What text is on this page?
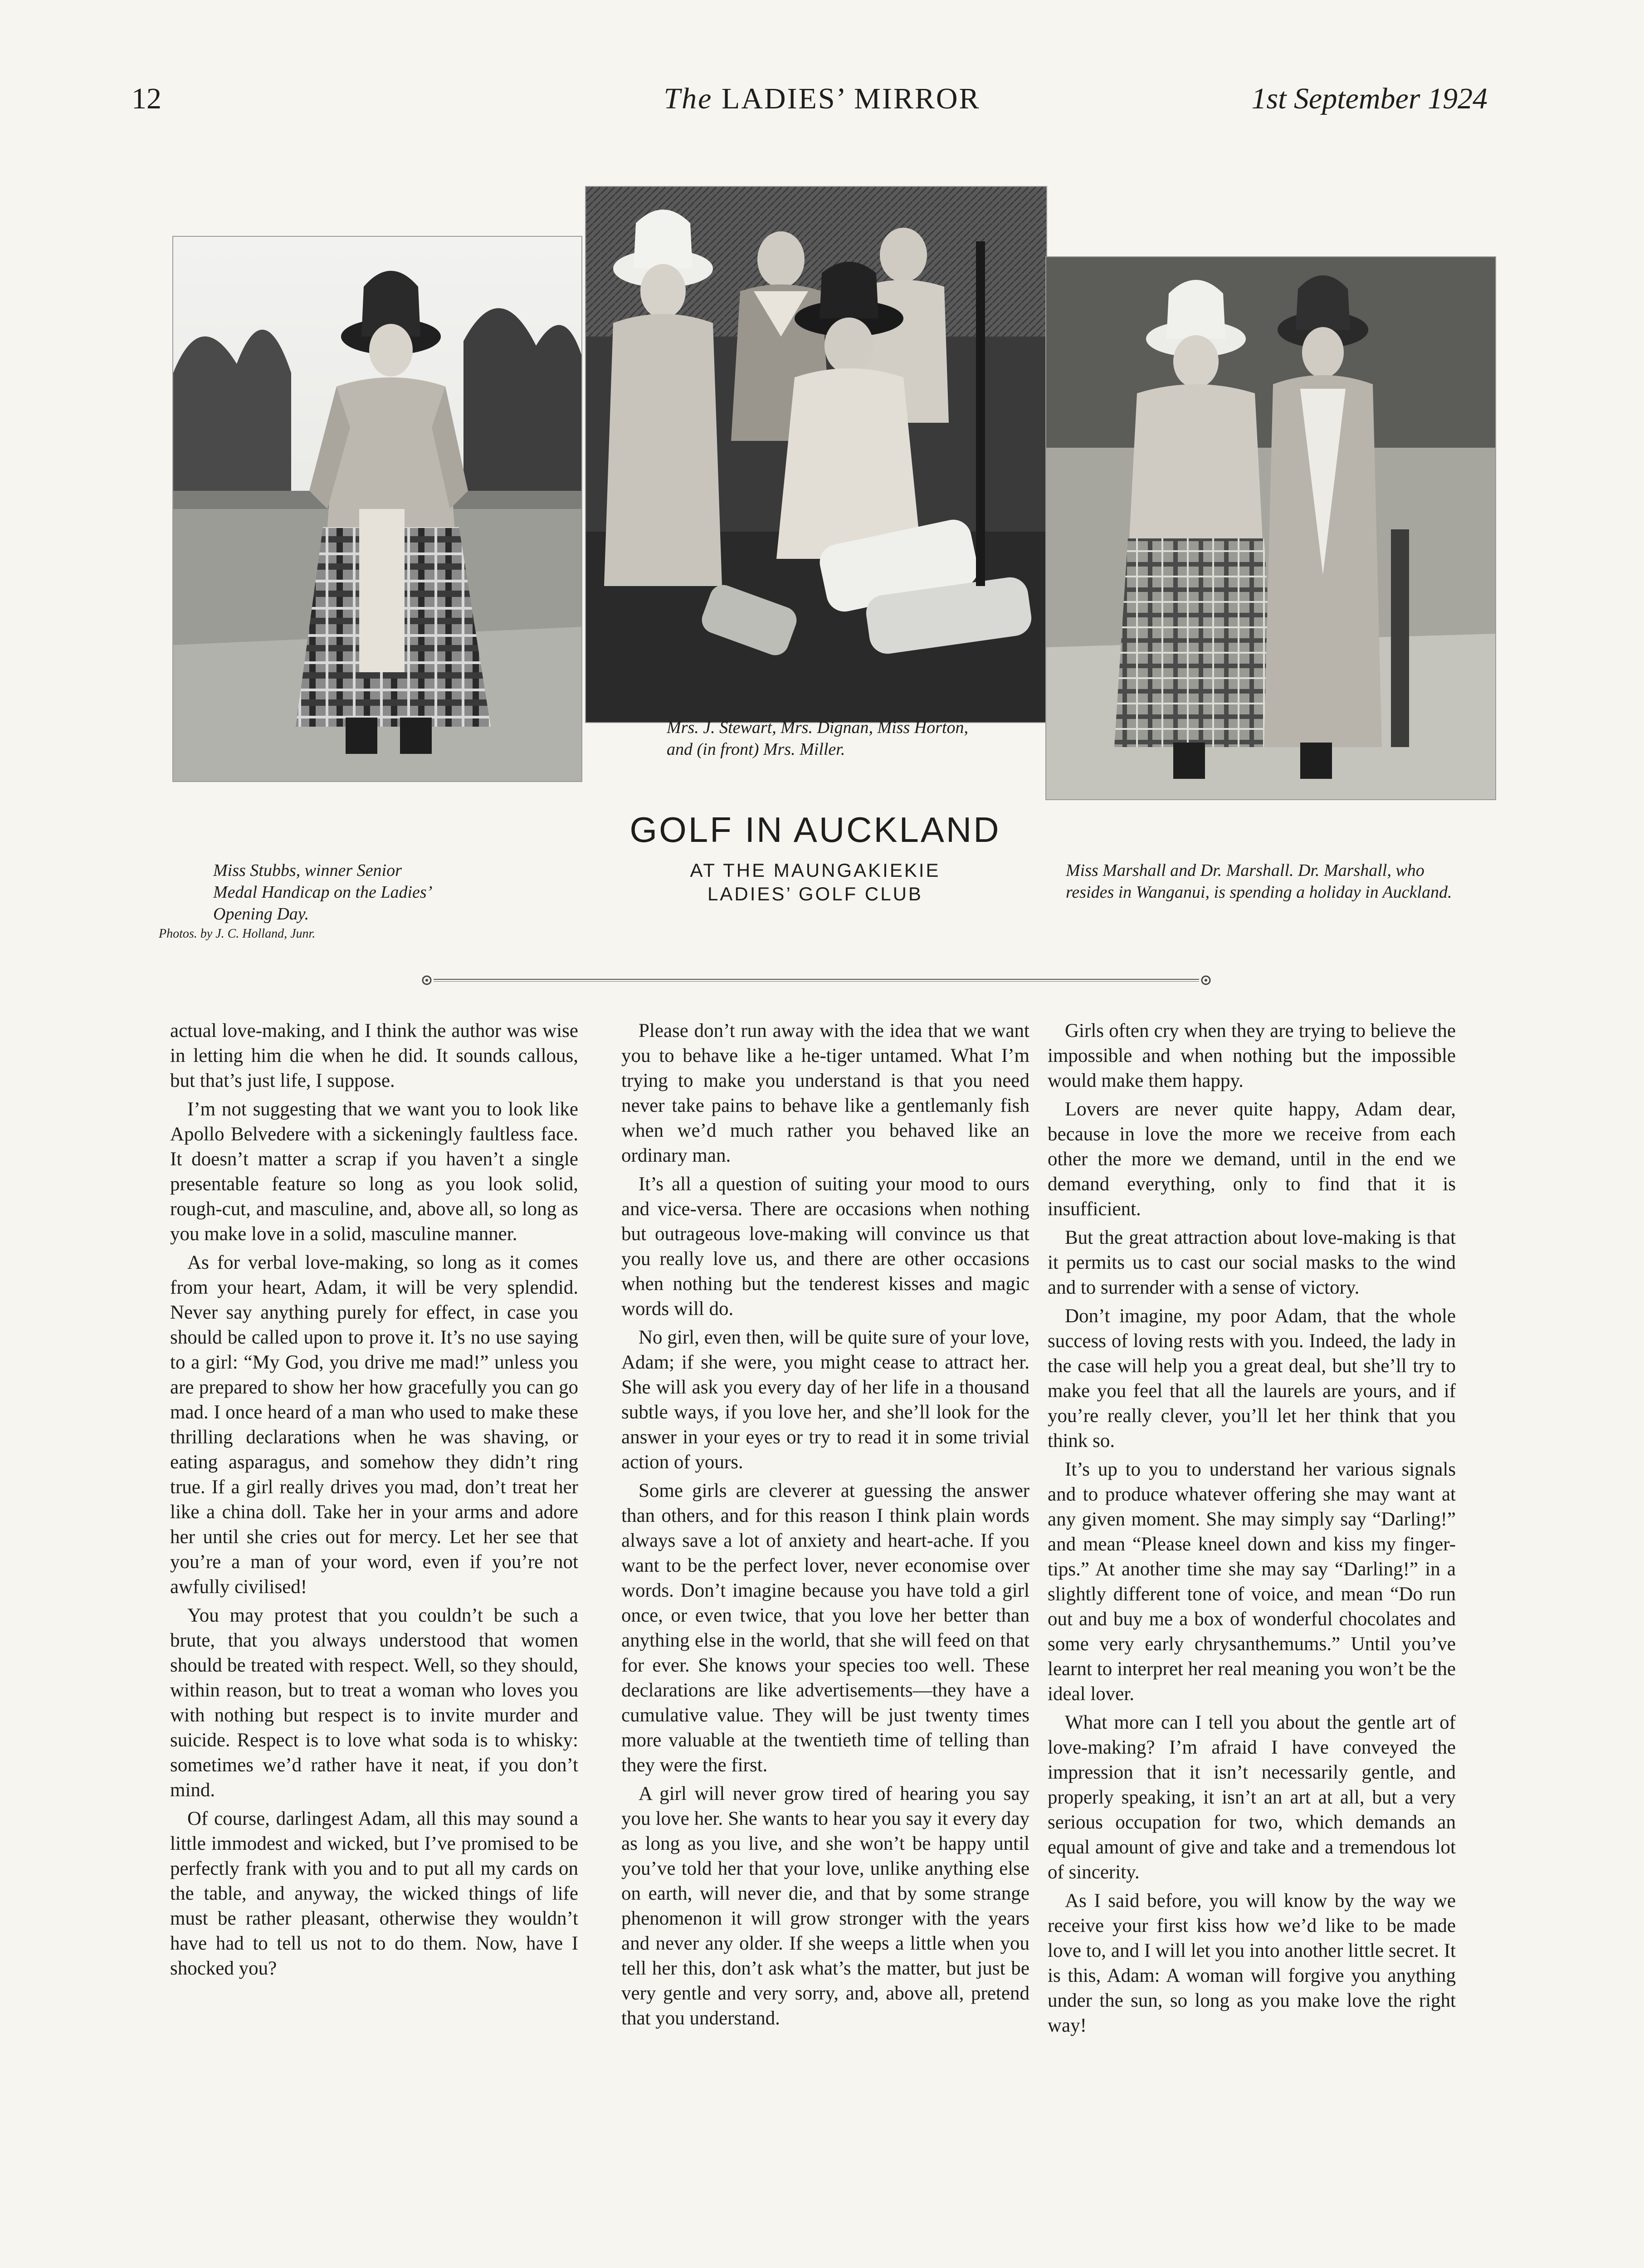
12	The LADIES’ MIRROR	1st September 1924
Mrs. J. Stewart, Mrs. Dignan, Miss Horton, and (in front) Mrs. Miller.
GOLF IN AUCKLAND
AT THE MAUNGAKIEKIE
LADIES’ GOLF CLUB
Miss Stubbs, winner Senior Medal Handicap on the Ladies’ Opening Day.
Photos. by J. C. Holland, Junr.
Miss Marshall and Dr. Marshall. Dr. Marshall, who resides in Wanganui, is spending a holiday in Auckland.

actual love-making, and I think the author was wise in letting him die when he did. It sounds callous, but that’s just life, I suppose.

I’m not suggesting that we want you to look like Apollo Belvedere with a sickeningly faultless face. It doesn’t matter a scrap if you haven’t a single presentable feature so long as you look solid, rough-cut, and masculine, and, above all, so long as you make love in a solid, masculine manner.

As for verbal love-making, so long as it comes from your heart, Adam, it will be very splendid. Never say anything purely for effect, in case you should be called upon to prove it. It’s no use saying to a girl: “My God, you drive me mad!” unless you are prepared to show her how gracefully you can go mad. I once heard of a man who used to make these thrilling declarations when he was shaving, or eating asparagus, and somehow they didn’t ring true. If a girl really drives you mad, don’t treat her like a china doll. Take her in your arms and adore her until she cries out for mercy. Let her see that you’re a man of your word, even if you’re not awfully civilised!

You may protest that you couldn’t be such a brute, that you always understood that women should be treated with respect. Well, so they should, within reason, but to treat a woman who loves you with nothing but respect is to invite murder and suicide. Respect is to love what soda is to whisky: sometimes we’d rather have it neat, if you don’t mind.

Of course, darlingest Adam, all this may sound a little immodest and wicked, but I’ve promised to be perfectly frank with you and to put all my cards on the table, and anyway, the wicked things of life must be rather pleasant, otherwise they wouldn’t have had to tell us not to do them. Now, have I shocked you?

Please don’t run away with the idea that we want you to behave like a he-tiger untamed. What I’m trying to make you understand is that you need never take pains to behave like a gentlemanly fish when we’d much rather you behaved like an ordinary man.

It’s all a question of suiting your mood to ours and vice-versa. There are occasions when nothing but outrageous love-making will convince us that you really love us, and there are other occasions when nothing but the tenderest kisses and magic words will do.

No girl, even then, will be quite sure of your love, Adam; if she were, you might cease to attract her. She will ask you every day of her life in a thousand subtle ways, if you love her, and she’ll look for the answer in your eyes or try to read it in some trivial action of yours.

Some girls are cleverer at guessing the answer than others, and for this reason I think plain words always save a lot of anxiety and heart-ache. If you want to be the perfect lover, never economise over words. Don’t imagine because you have told a girl once, or even twice, that you love her better than anything else in the world, that she will feed on that for ever. She knows your species too well. These declarations are like advertisements—they have a cumulative value. They will be just twenty times more valuable at the twentieth time of telling than they were the first.

A girl will never grow tired of hearing you say you love her. She wants to hear you say it every day as long as you live, and she won’t be happy until you’ve told her that your love, unlike anything else on earth, will never die, and that by some strange phenomenon it will grow stronger with the years and never any older. If she weeps a little when you tell her this, don’t ask what’s the matter, but just be very gentle and very sorry, and, above all, pretend that you understand.

Girls often cry when they are trying to believe the impossible and when nothing but the impossible would make them happy.

Lovers are never quite happy, Adam dear, because in love the more we receive from each other the more we demand, until in the end we demand everything, only to find that it is insufficient.

But the great attraction about love-making is that it permits us to cast our social masks to the wind and to surrender with a sense of victory.

Don’t imagine, my poor Adam, that the whole success of loving rests with you. Indeed, the lady in the case will help you a great deal, but she’ll try to make you feel that all the laurels are yours, and if you’re really clever, you’ll let her think that you think so.

It’s up to you to understand her various signals and to produce whatever offering she may want at any given moment. She may simply say “Darling!” and mean “Please kneel down and kiss my finger-tips.” At another time she may say “Darling!” in a slightly different tone of voice, and mean “Do run out and buy me a box of wonderful chocolates and some very early chrysanthemums.” Until you’ve learnt to interpret her real meaning you won’t be the ideal lover.

What more can I tell you about the gentle art of love-making? I’m afraid I have conveyed the impression that it isn’t necessarily gentle, and properly speaking, it isn’t an art at all, but a very serious occupation for two, which demands an equal amount of give and take and a tremendous lot of sincerity.

As I said before, you will know by the way we receive your first kiss how we’d like to be made love to, and I will let you into another little secret. It is this, Adam: A woman will forgive you anything under the sun, so long as you make love the right way!
